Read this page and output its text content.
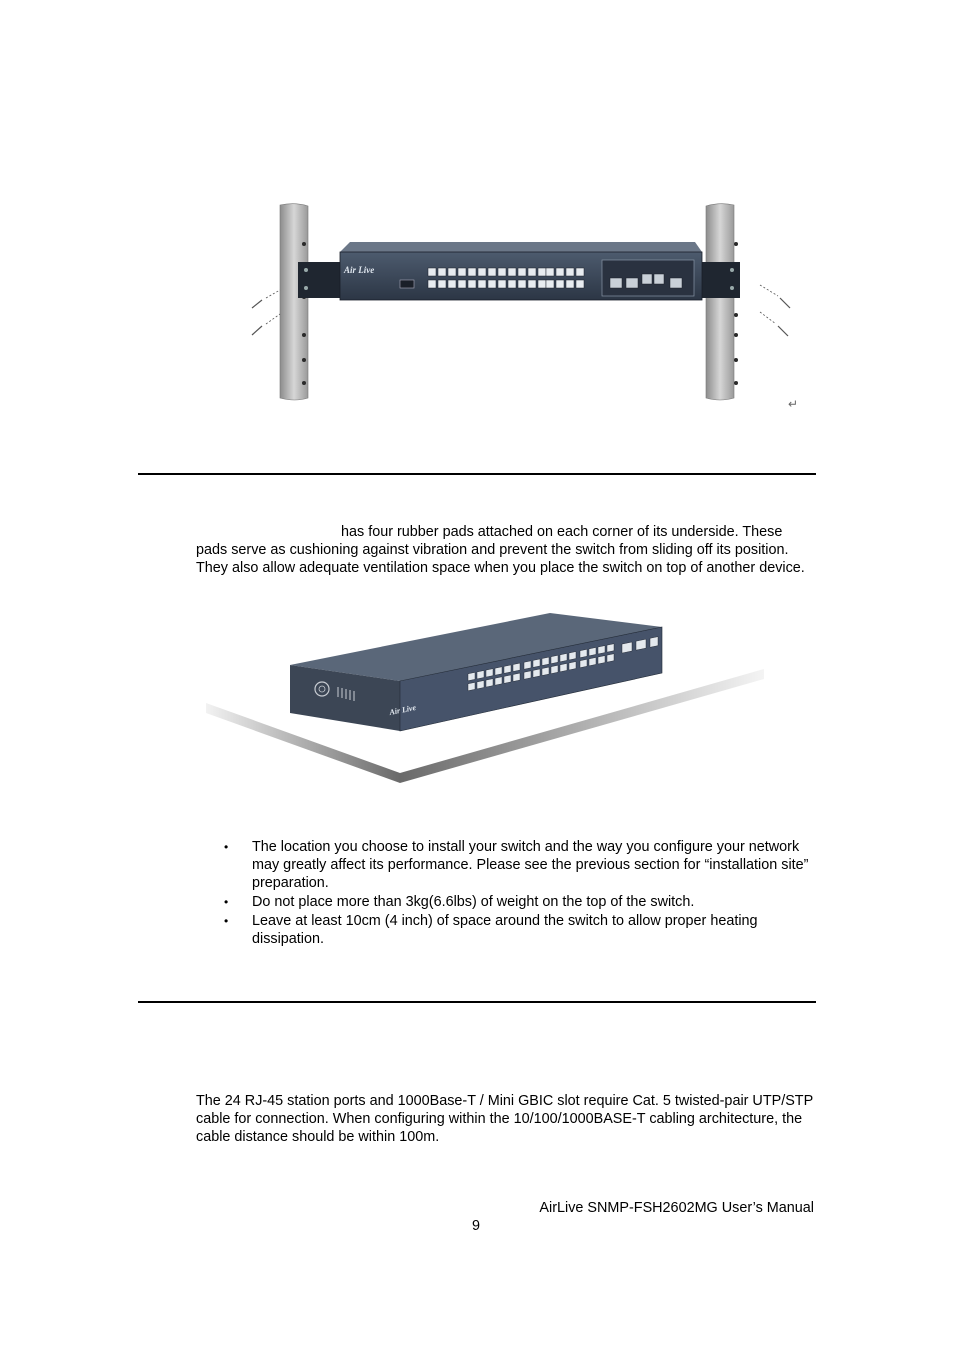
Air Live
↵
has four rubber pads attached on each corner of its underside. These pads serve as cushioning against vibration and prevent the switch from sliding off its position. They also allow adequate ventilation space when you place the switch on top of another device.
Air Live
• The location you choose to install your switch and the way you configure your network may greatly affect its performance. Please see the previous section for “installation site” preparation.
• Do not place more than 3kg(6.6lbs) of weight on the top of the switch.
• Leave at least 10cm (4 inch) of space around the switch to allow proper heating dissipation.
The 24 RJ-45 station ports and 1000Base-T / Mini GBIC slot require Cat. 5 twisted-pair UTP/STP cable for connection. When configuring within the 10/100/1000BASE-T cabling architecture, the cable distance should be within 100m.
AirLive SNMP-FSH2602MG User’s Manual
9
